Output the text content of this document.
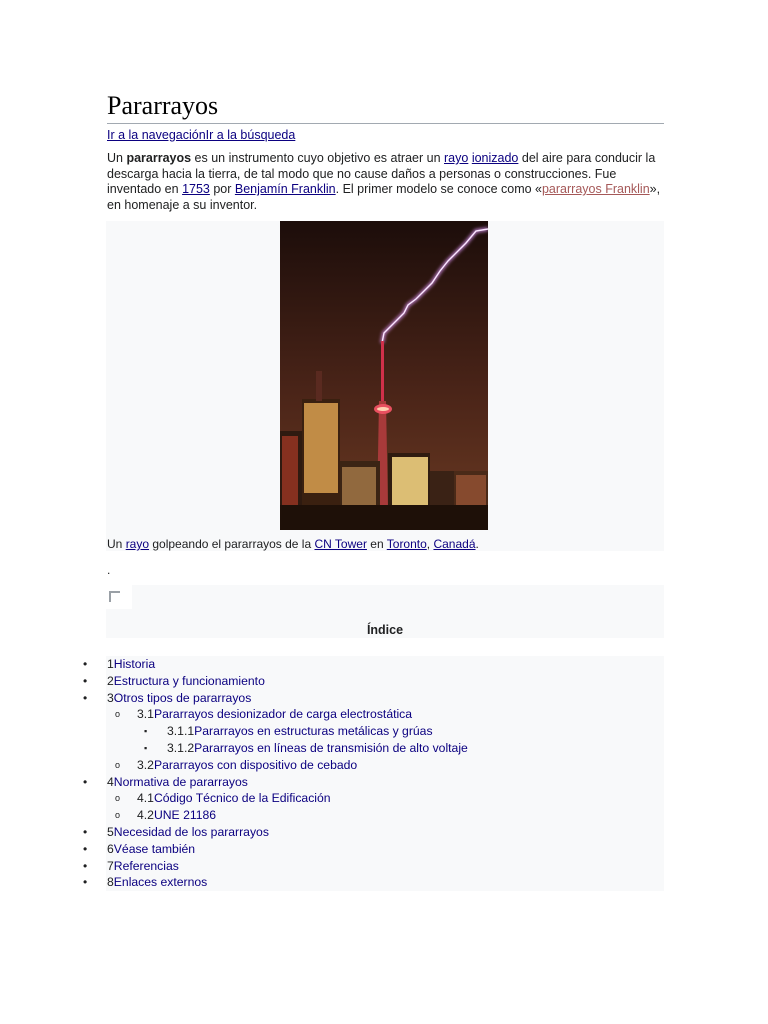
Pararrayos
Ir a la navegaciónIr a la búsqueda

Un pararrayos es un instrumento cuyo objetivo es atraer un rayo ionizado del aire para conducir la descarga hacia la tierra, de tal modo que no cause daños a personas o construcciones. Fue inventado en 1753 por Benjamín Franklin. El primer modelo se conoce como «pararrayos Franklin», en homenaje a su inventor.

Un rayo golpeando el pararrayos de la CN Tower en Toronto, Canadá.
.
Índice
• 1Historia
• 2Estructura y funcionamiento
• 3Otros tipos de pararrayos
o 3.1Pararrayos desionizador de carga electrostática
▪ 3.1.1Pararrayos en estructuras metálicas y grúas
▪ 3.1.2Pararrayos en líneas de transmisión de alto voltaje
o 3.2Pararrayos con dispositivo de cebado
• 4Normativa de pararrayos
o 4.1Código Técnico de la Edificación
o 4.2UNE 21186
• 5Necesidad de los pararrayos
• 6Véase también
• 7Referencias
• 8Enlaces externos
